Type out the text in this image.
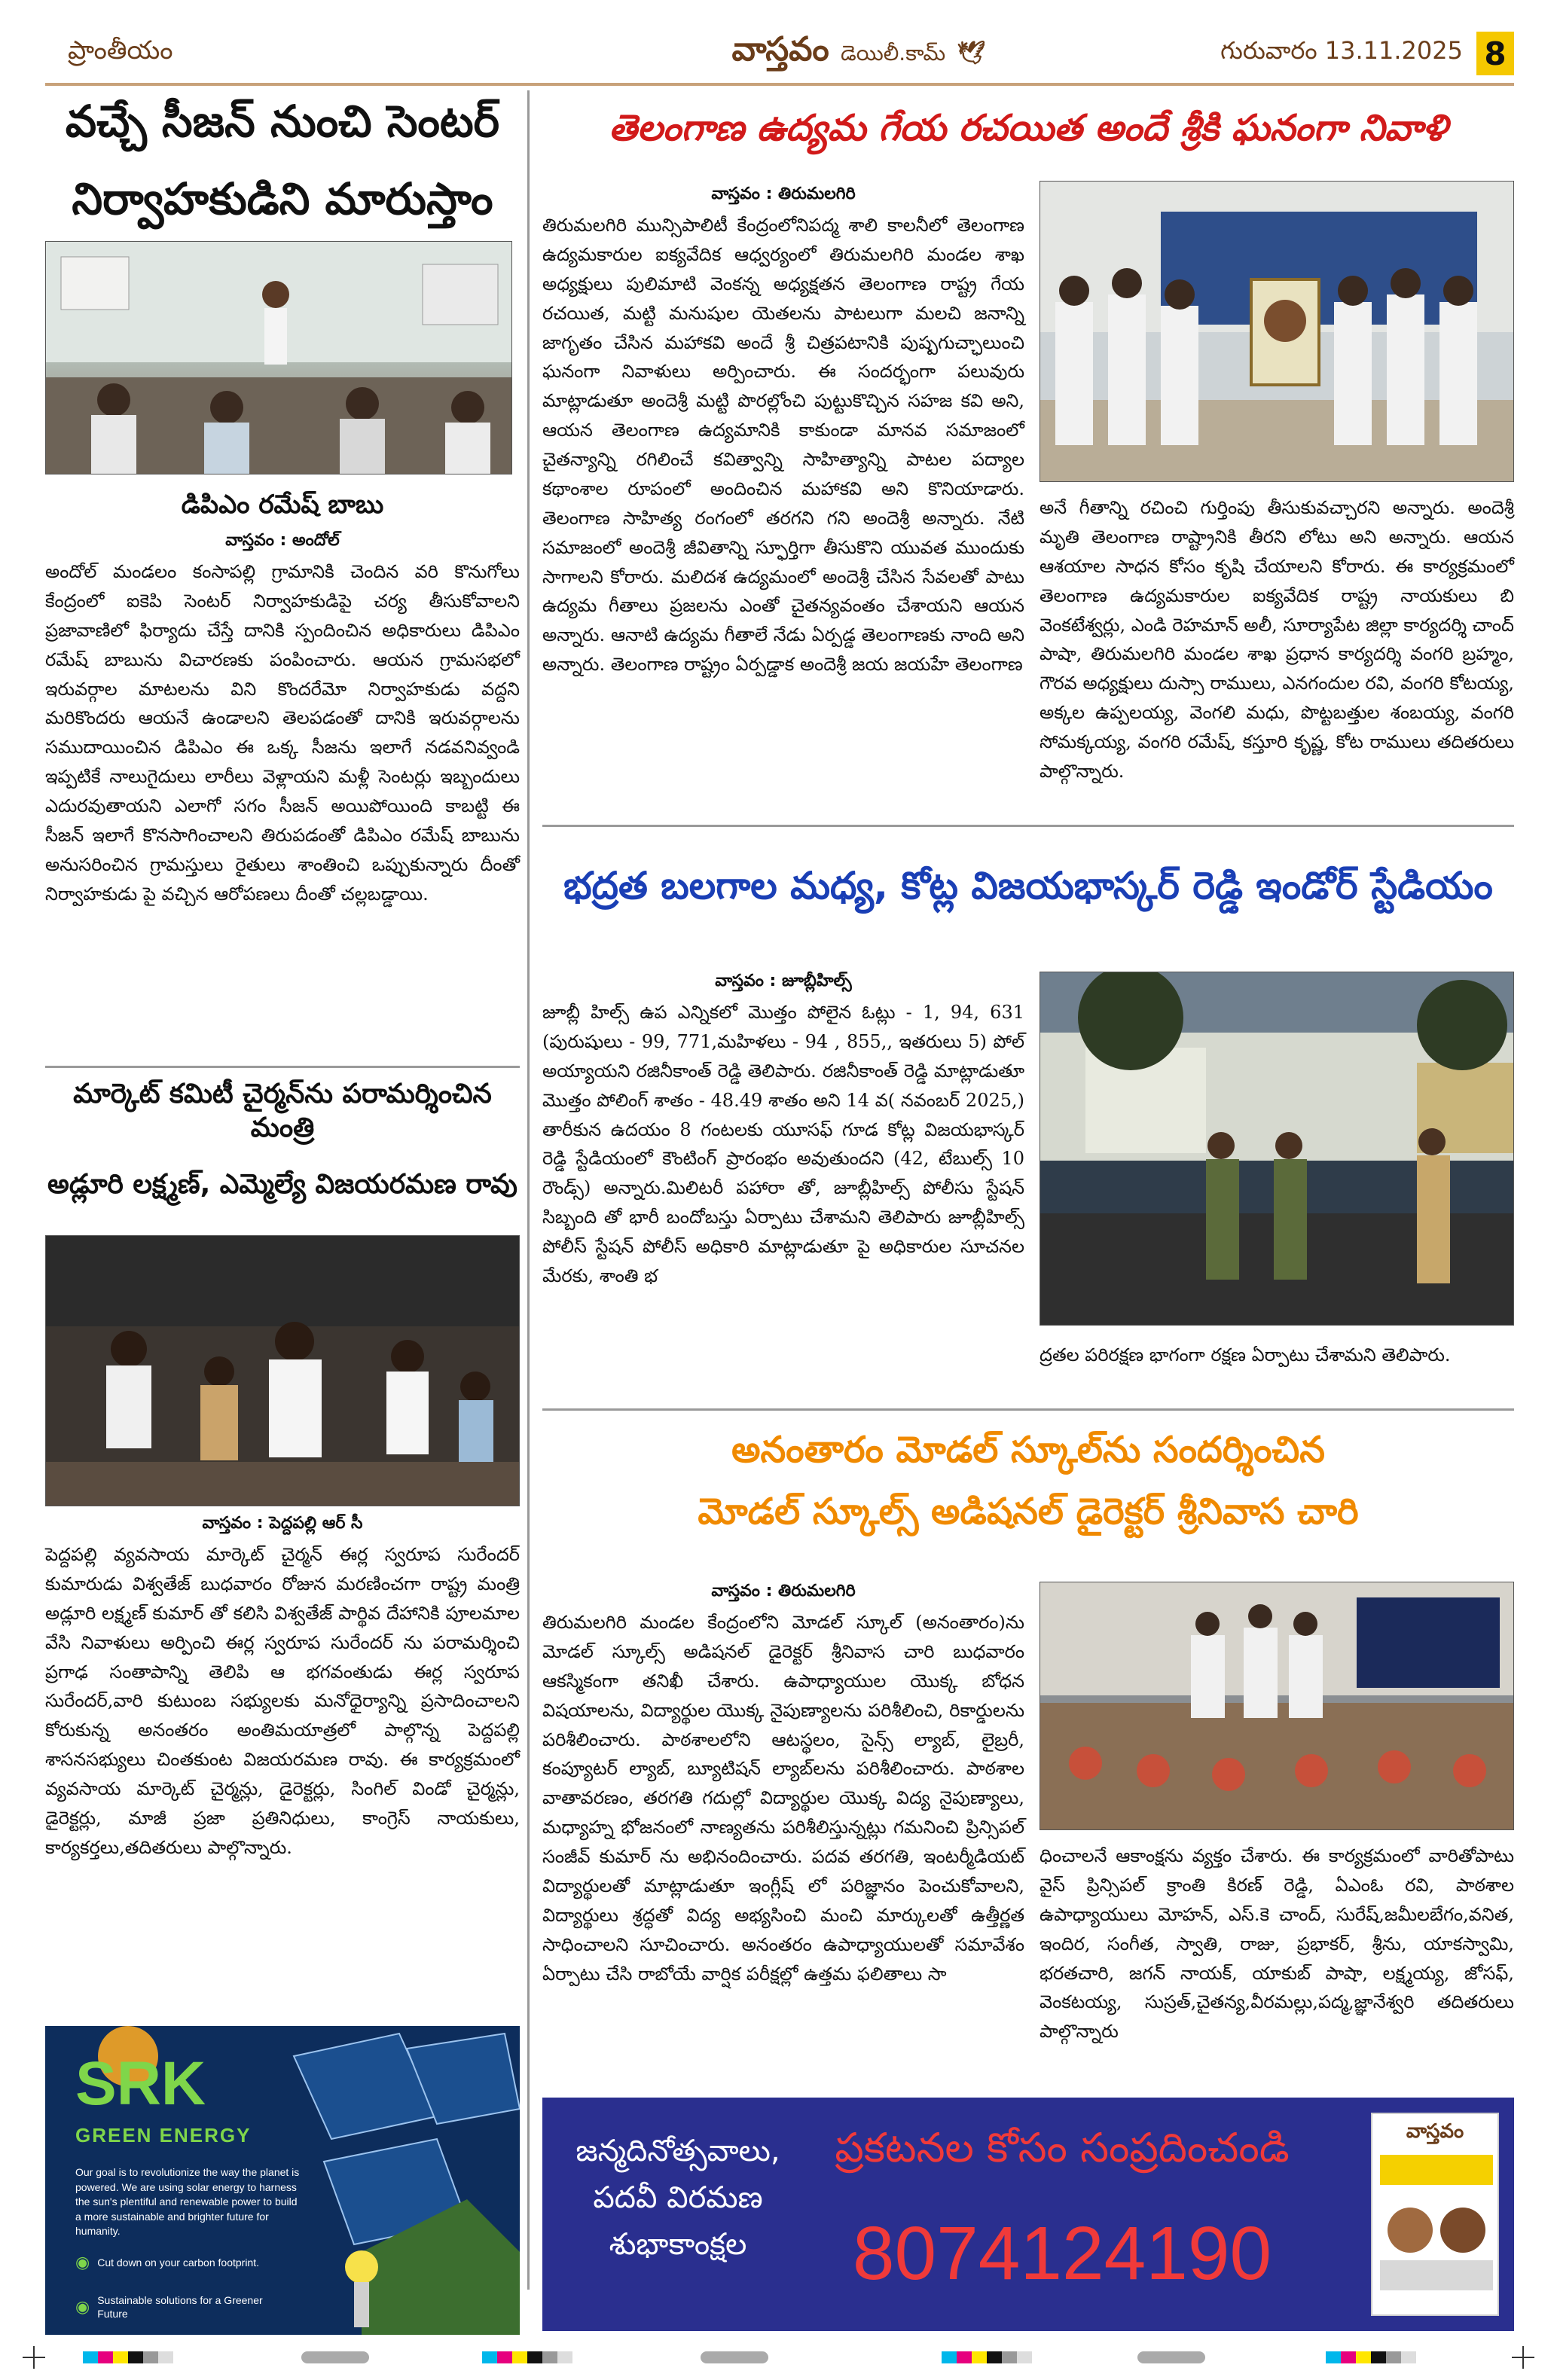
ప్రాంతీయం	వాస్తవం డెయిలీ.కామ్ 🕊	గురువారం 13.11.2025 8
వచ్చే సీజన్ నుంచి సెంటర్
నిర్వాహకుడిని మారుస్తాం
డిపిఎం రమేష్ బాబు
వాస్తవం : అందోల్
అందోల్ మండలం కంసాపల్లి గ్రామానికి చెందిన వరి కొనుగోలు కేంద్రంలో ఐకెపి సెంటర్ నిర్వాహకుడిపై చర్య తీసుకోవాలని ప్రజావాణిలో ఫిర్యాదు చేస్తే దానికి స్పందించిన అధికారులు డిపిఎం రమేష్ బాబును విచారణకు పంపించారు. ఆయన గ్రామసభలో ఇరువర్గాల మాటలను విని కొందరేమో నిర్వాహకుడు వద్దని మరికొందరు ఆయనే ఉండాలని తెలపడంతో దానికి ఇరువర్గాలను సముదాయించిన డిపిఎం ఈ ఒక్క సీజను ఇలాగే నడవనివ్వండి ఇప్పటికే నాలుగైదులు లారీలు వెళ్లాయని మళ్లీ సెంటర్లు ఇబ్బందులు ఎదురవుతాయని ఎలాగో సగం సీజన్ అయిపోయింది కాబట్టి ఈ సీజన్ ఇలాగే కొనసాగించాలని తిరుపడంతో డిపిఎం రమేష్ బాబును అనుసరించిన గ్రామస్తులు రైతులు శాంతించి ఒప్పుకున్నారు దీంతో నిర్వాహకుడు పై వచ్చిన ఆరోపణలు దీంతో చల్లబడ్డాయి.
మార్కెట్ కమిటీ చైర్మన్‌ను పరామర్శించిన మంత్రి
అడ్లూరి లక్ష్మణ్, ఎమ్మెల్యే విజయరమణ రావు
వాస్తవం : పెద్దపల్లి ఆర్ సీ
పెద్దపల్లి వ్యవసాయ మార్కెట్ చైర్మన్ ఈర్ల స్వరూప సురేందర్ కుమారుడు విశ్వతేజ్ బుధవారం రోజున మరణించగా రాష్ట్ర మంత్రి అడ్లూరి లక్ష్మణ్ కుమార్ తో కలిసి విశ్వతేజ్ పార్థివ దేహానికి పూలమాల వేసి నివాళులు అర్పించి ఈర్ల స్వరూప సురేందర్ ను పరామర్శించి ప్రగాఢ సంతాపాన్ని తెలిపి ఆ భగవంతుడు ఈర్ల స్వరూప సురేందర్,వారి కుటుంబ సభ్యులకు మనోధైర్యాన్ని ప్రసాదించాలని కోరుకున్న అనంతరం అంతిమయాత్రలో పాల్గొన్న పెద్దపల్లి శాసనసభ్యులు చింతకుంట విజయరమణ రావు. ఈ కార్యక్రమంలో వ్యవసాయ మార్కెట్ చైర్మన్లు, డైరెక్టర్లు, సింగిల్ విండో చైర్మన్లు, డైరెక్టర్లు, మాజీ ప్రజా ప్రతినిధులు, కాంగ్రెస్ నాయకులు, కార్యకర్తలు,తదితరులు పాల్గొన్నారు.
SRK
GREEN ENERGY
Our goal is to revolutionize the way the planet is powered. We are using solar energy to harness the sun's plentiful and renewable power to build a more sustainable and brighter future for humanity.
◉ Cut down on your carbon footprint.
◉ Sustainable solutions for a Greener Future
తెలంగాణ ఉద్యమ గేయ రచయిత అందే శ్రీకి ఘనంగా నివాళి
వాస్తవం : తిరుమలగిరి
తిరుమలగిరి మున్సిపాలిటీ కేంద్రంలోనిపద్మ శాలి కాలనీలో తెలంగాణ ఉద్యమకారుల ఐక్యవేదిక ఆధ్వర్యంలో తిరుమలగిరి మండల శాఖ అధ్యక్షులు పులిమాటి వెంకన్న అధ్యక్షతన తెలంగాణ రాష్ట్ర గేయ రచయిత, మట్టి మనుషుల యెతలను పాటలుగా మలచి జనాన్ని జాగృతం చేసిన మహాకవి అందే శ్రీ చిత్రపటానికి పుష్పగుచ్ఛాలుంచి ఘనంగా నివాళులు అర్పించారు. ఈ సందర్భంగా పలువురు మాట్లాడుతూ అందెశ్రీ మట్టి పొరల్లోంచి పుట్టుకొచ్చిన సహజ కవి అని, ఆయన తెలంగాణ ఉద్యమానికి కాకుండా మానవ సమాజంలో చైతన్యాన్ని రగిలించే కవిత్వాన్ని సాహిత్యాన్ని పాటల పద్యాల కథాంశాల రూపంలో అందించిన మహాకవి అని కొనియాడారు. తెలంగాణ సాహిత్య రంగంలో తరగని గని అందెశ్రీ అన్నారు. నేటి సమాజంలో అందెశ్రీ జీవితాన్ని స్ఫూర్తిగా తీసుకొని యువత ముందుకు సాగాలని కోరారు. మలిదశ ఉద్యమంలో అందెశ్రీ చేసిన సేవలతో పాటు ఉద్యమ గీతాలు ప్రజలను ఎంతో చైతన్యవంతం చేశాయని ఆయన అన్నారు. ఆనాటి ఉద్యమ గీతాలే నేడు ఏర్పడ్డ తెలంగాణకు నాంది అని అన్నారు. తెలంగాణ రాష్ట్రం ఏర్పడ్డాక అందెశ్రీ జయ జయహే తెలంగాణ
అనే గీతాన్ని రచించి గుర్తింపు తీసుకువచ్చారని అన్నారు. అందెశ్రీ మృతి తెలంగాణ రాష్ట్రానికి తీరని లోటు అని అన్నారు. ఆయన ఆశయాల సాధన కోసం కృషి చేయాలని కోరారు. ఈ కార్యక్రమంలో తెలంగాణ ఉద్యమకారుల ఐక్యవేదిక రాష్ట్ర నాయకులు బి వెంకటేశ్వర్లు, ఎండి రెహమాన్ అలీ, సూర్యాపేట జిల్లా కార్యదర్శి చాంద్ పాషా, తిరుమలగిరి మండల శాఖ ప్రధాన కార్యదర్శి వంగరి బ్రహ్మం, గౌరవ అధ్యక్షులు దుస్సా రాములు, ఎనగందుల రవి, వంగరి కోటయ్య, అక్కల ఉప్పలయ్య, వెంగలి మధు, పొట్టబత్తుల శంబయ్య, వంగరి సోమక్కయ్య, వంగరి రమేష్, కస్తూరి కృష్ణ, కోట రాములు తదితరులు పాల్గొన్నారు.
భద్రత బలగాల మధ్య, కోట్ల విజయభాస్కర్ రెడ్డి ఇండోర్ స్టేడియం
వాస్తవం : జూబ్లీహిల్స్
జూబ్లీ హిల్స్ ఉప ఎన్నికలో మొత్తం పోలైన ఓట్లు - 1, 94, 631 (పురుషులు - 99, 771,మహిళలు - 94 , 855,, ఇతరులు 5) పోల్ అయ్యాయని రజినీకాంత్ రెడ్డి తెలిపారు. రజినీకాంత్ రెడ్డి మాట్లాడుతూ మొత్తం పోలింగ్ శాతం - 48.49 శాతం అని 14 వ( నవంబర్ 2025,) తారీకున ఉదయం 8 గంటలకు యూసఫ్ గూడ కోట్ల విజయభాస్కర్ రెడ్డి స్టేడియంలో కౌంటింగ్ ప్రారంభం అవుతుందని (42, టేబుల్స్ 10 రౌండ్స్) అన్నారు.మిలిటరీ పహారా తో, జూబ్లీహిల్స్ పోలీసు స్టేషన్ సిబ్బంది తో భారీ బందోబస్తు ఏర్పాటు చేశామని తెలిపారు జూబ్లీహిల్స్ పోలీస్ స్టేషన్ పోలీస్ అధికారి మాట్లాడుతూ పై అధికారుల సూచనల మేరకు, శాంతి భ
ద్రతల పరిరక్షణ భాగంగా రక్షణ ఏర్పాటు చేశామని తెలిపారు.
అనంతారం మోడల్ స్కూల్‌ను సందర్శించిన
మోడల్ స్కూల్స్ అడిషనల్ డైరెక్టర్ శ్రీనివాస చారి
వాస్తవం : తిరుమలగిరి
తిరుమలగిరి మండల కేంద్రంలోని మోడల్ స్కూల్ (అనంతారం)ను మోడల్ స్కూల్స్ అడిషనల్ డైరెక్టర్ శ్రీనివాస చారి బుధవారం ఆకస్మికంగా తనిఖీ చేశారు. ఉపాధ్యాయుల యొక్క బోధన విషయాలను, విద్యార్థుల యొక్క నైపుణ్యాలను పరిశీలించి, రికార్డులను పరిశీలించారు. పాఠశాలలోని ఆటస్థలం, సైన్స్ ల్యాబ్, లైబ్రరీ, కంప్యూటర్ ల్యాబ్, బ్యూటిషన్ ల్యాబ్‌లను పరిశీలించారు. పాఠశాల వాతావరణం, తరగతి గదుల్లో విద్యార్థుల యొక్క విద్య నైపుణ్యాలు, మధ్యాహ్న భోజనంలో నాణ్యతను పరిశీలిస్తున్నట్లు గమనించి ప్రిన్సిపల్ సంజీవ్ కుమార్ ను అభినందించారు. పదవ తరగతి, ఇంటర్మీడియట్ విద్యార్థులతో మాట్లాడుతూ ఇంగ్లీష్ లో పరిజ్ఞానం పెంచుకోవాలని, విద్యార్థులు శ్రద్ధతో విద్య అభ్యసించి మంచి మార్కులతో ఉత్తీర్ణత సాధించాలని సూచించారు. అనంతరం ఉపాధ్యాయులతో సమావేశం ఏర్పాటు చేసి రాబోయే వార్షిక పరీక్షల్లో ఉత్తమ ఫలితాలు సా
ధించాలనే ఆకాంక్షను వ్యక్తం చేశారు. ఈ కార్యక్రమంలో వారితోపాటు వైస్ ప్రిన్సిపల్ క్రాంతి కిరణ్ రెడ్డి, ఏఎంఓ రవి, పాఠశాల ఉపాధ్యాయులు మోహన్, ఎస్.కె చాంద్, సురేష్,జమీలబేగం,వనిత, ఇందిర, సంగీత, స్వాతి, రాజు, ప్రభాకర్, శ్రీను, యాకస్వామి, భరతచారి, జగన్ నాయక్, యాకుబ్ పాషా, లక్ష్మయ్య, జోసఫ్, వెంకటయ్య, సుస్రత్,చైతన్య,వీరమల్లు,పద్మ,జ్ఞానేశ్వరి తదితరులు పాల్గొన్నారు
జన్మదినోత్సవాలు,
పదవీ విరమణ
శుభాకాంక్షల
ప్రకటనల కోసం సంప్రదించండి
8074124190
వాస్తవం
